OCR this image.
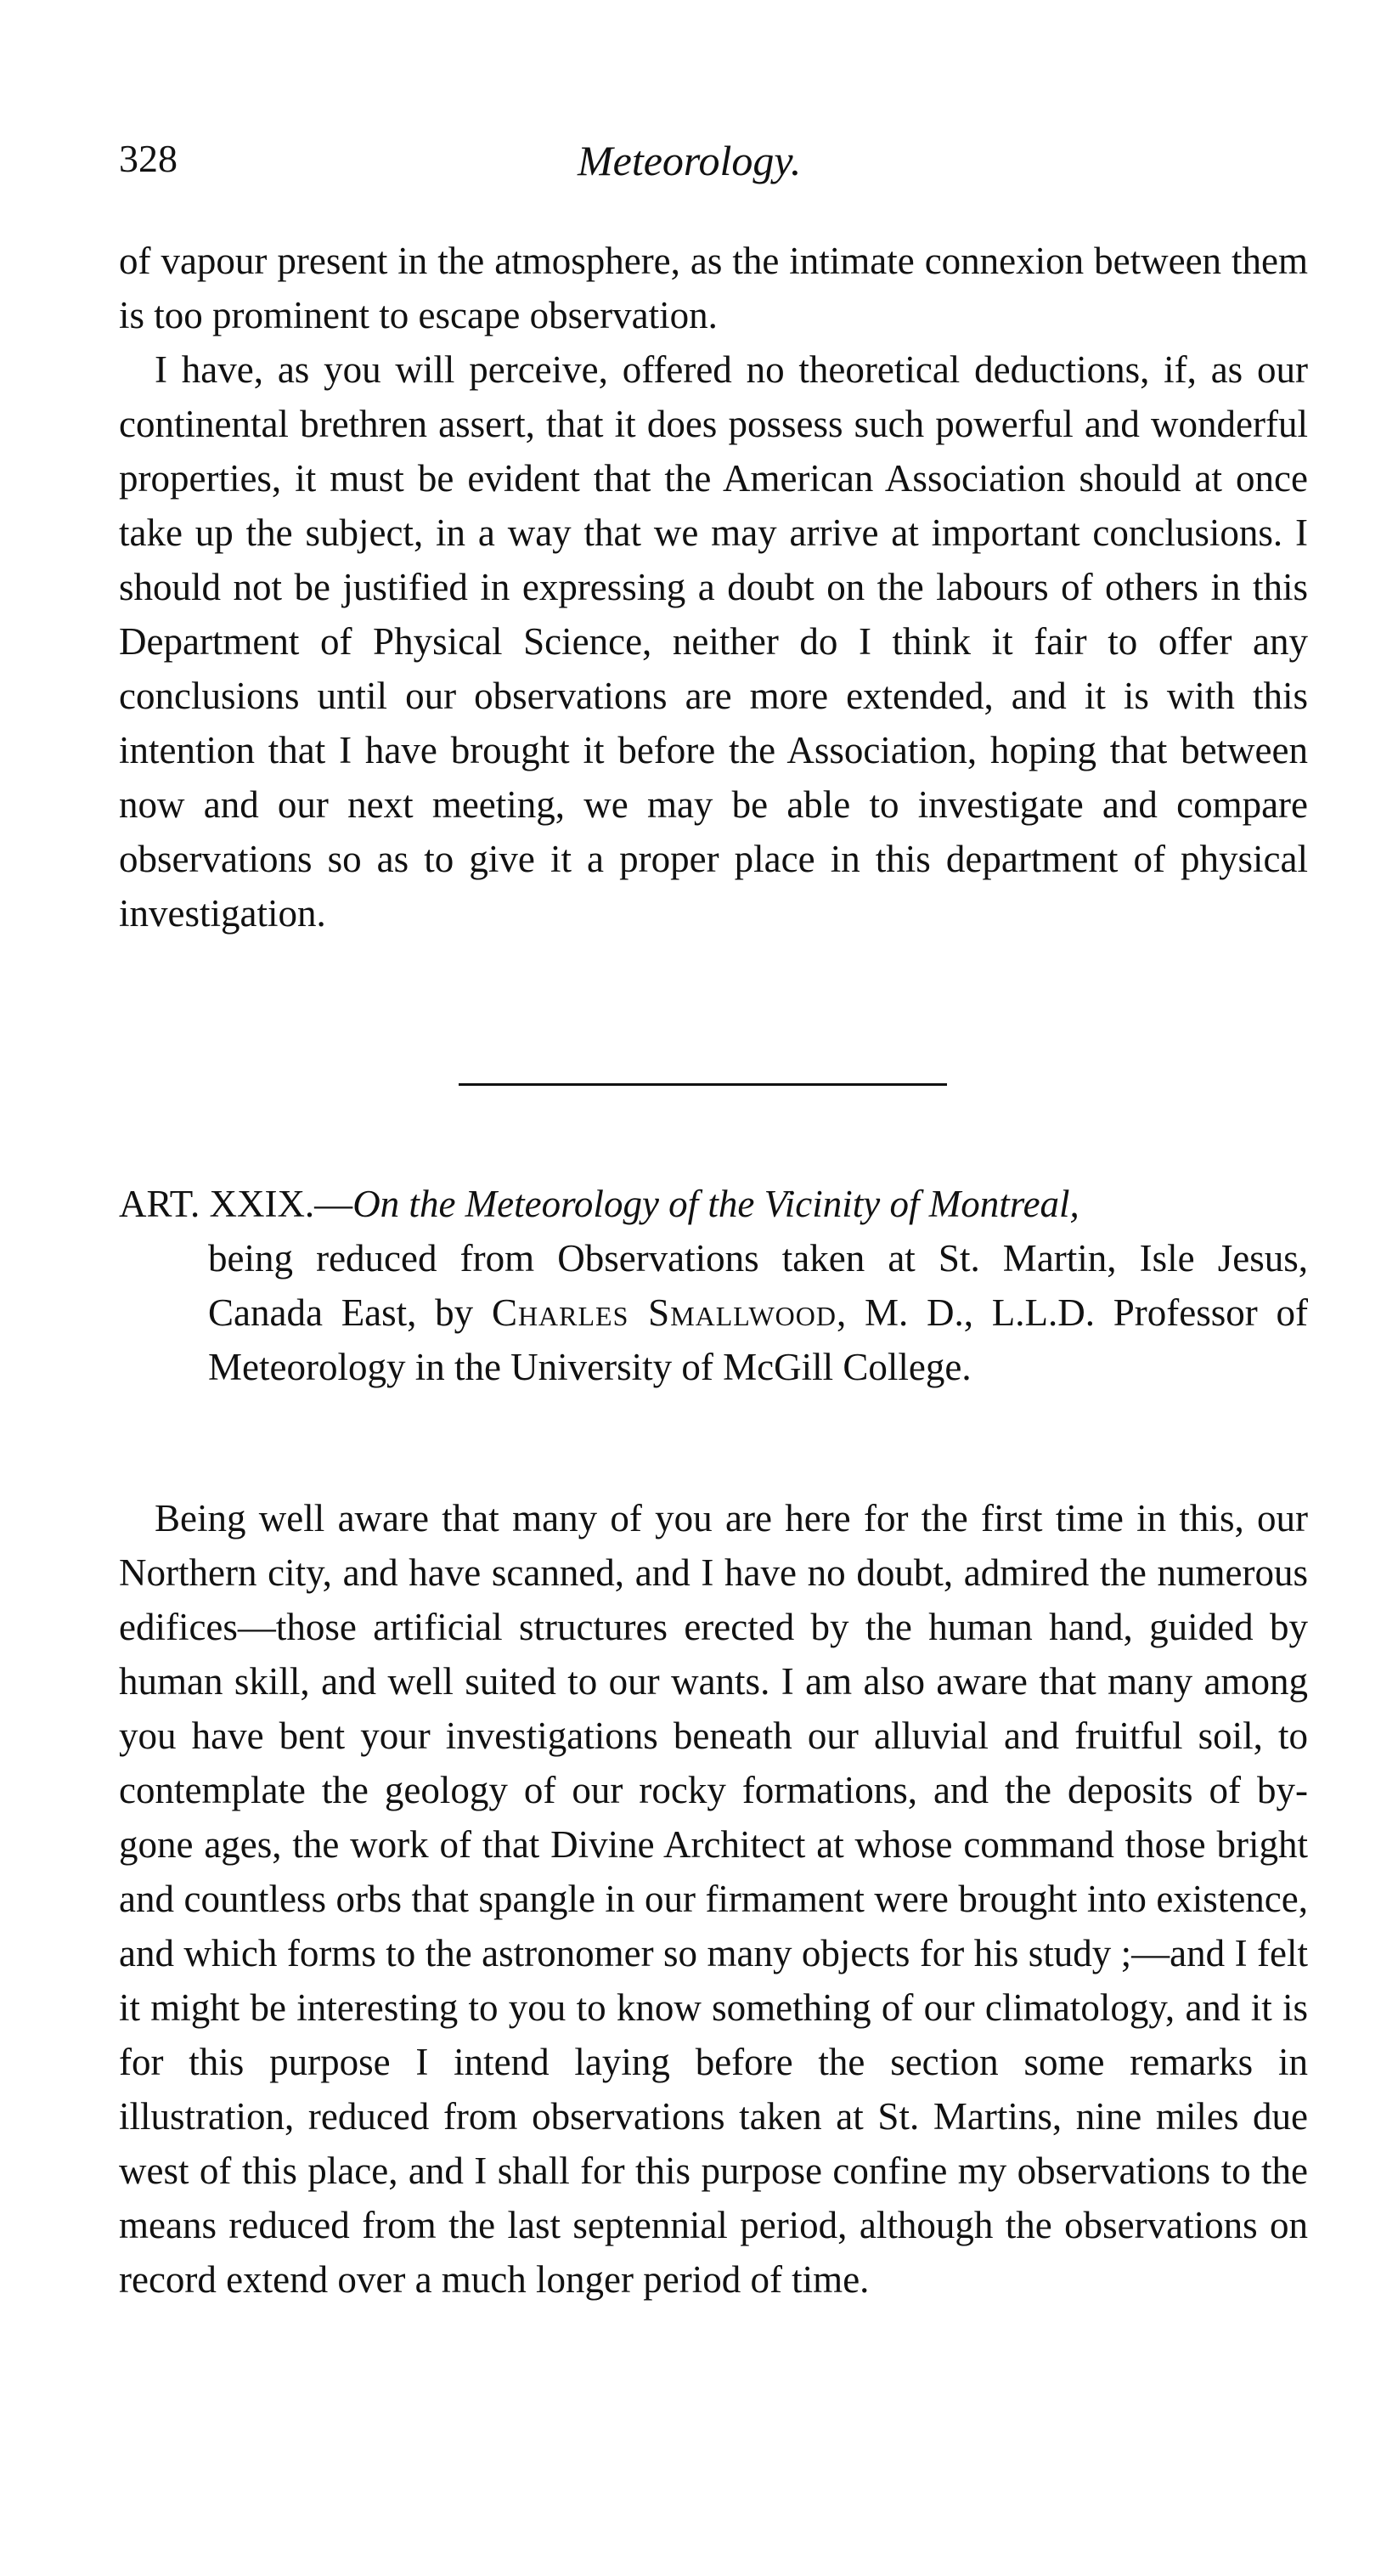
328	Meteorology.

of vapour present in the atmosphere, as the intimate connexion between them is too prominent to escape observation.

I have, as you will perceive, offered no theoretical deductions, if, as our continental brethren assert, that it does possess such powerful and wonderful properties, it must be evident that the American Association should at once take up the subject, in a way that we may arrive at important conclusions. I should not be justified in expressing a doubt on the labours of others in this Department of Physical Science, neither do I think it fair to offer any conclusions until our observations are more extended, and it is with this intention that I have brought it before the Association, hoping that between now and our next meeting, we may be able to investigate and compare observations so as to give it a proper place in this department of physical investigation.

ART. XXIX.—On the Meteorology of the Vicinity of Montreal,
being reduced from Observations taken at St. Martin, Isle Jesus, Canada East, by Charles Smallwood, M. D., L.L.D. Professor of Meteorology in the University of McGill College.

Being well aware that many of you are here for the first time in this, our Northern city, and have scanned, and I have no doubt, admired the numerous edifices—those artificial structures erected by the human hand, guided by human skill, and well suited to our wants. I am also aware that many among you have bent your investigations beneath our alluvial and fruitful soil, to contemplate the geology of our rocky formations, and the deposits of by-gone ages, the work of that Divine Architect at whose command those bright and countless orbs that spangle in our firmament were brought into existence, and which forms to the astronomer so many objects for his study ;—and I felt it might be interesting to you to know something of our climatology, and it is for this purpose I intend laying before the section some remarks in illustration, reduced from observations taken at St. Martins, nine miles due west of this place, and I shall for this purpose confine my observations to the means reduced from the last septennial period, although the observations on record extend over a much longer period of time.
